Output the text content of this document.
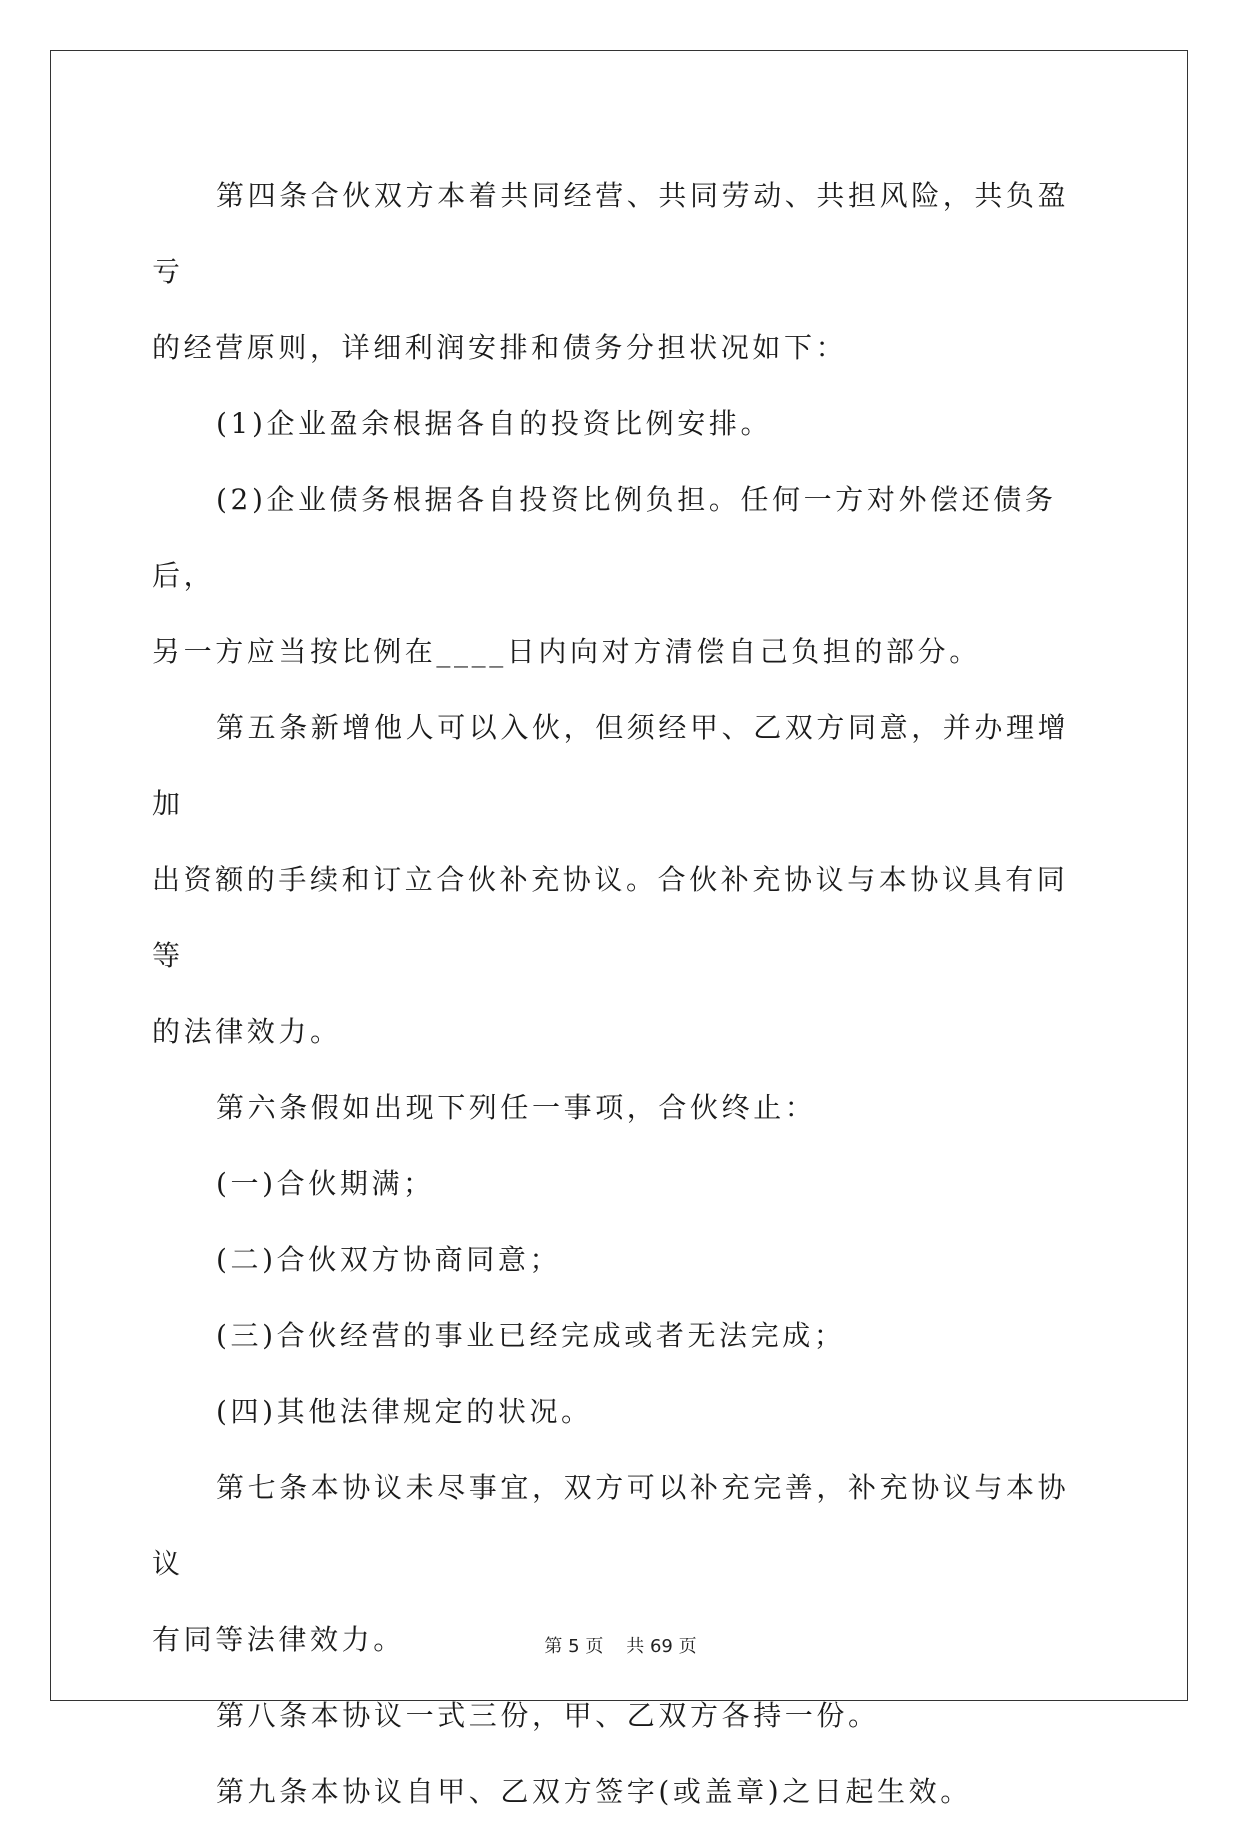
第四条合伙双方本着共同经营、共同劳动、共担风险，共负盈亏

的经营原则，详细利润安排和债务分担状况如下：

(1)企业盈余根据各自的投资比例安排。

(2)企业债务根据各自投资比例负担。任何一方对外偿还债务后，

另一方应当按比例在____日内向对方清偿自己负担的部分。

第五条新增他人可以入伙，但须经甲、乙双方同意，并办理增加

出资额的手续和订立合伙补充协议。合伙补充协议与本协议具有同等

的法律效力。

第六条假如出现下列任一事项，合伙终止：

(一)合伙期满；

(二)合伙双方协商同意；

(三)合伙经营的事业已经完成或者无法完成；

(四)其他法律规定的状况。

第七条本协议未尽事宜，双方可以补充完善，补充协议与本协议

有同等法律效力。

第八条本协议一式三份，甲、乙双方各持一份。

第九条本协议自甲、乙双方签字(或盖章)之日起生效。

第 5 页 共 69 页
